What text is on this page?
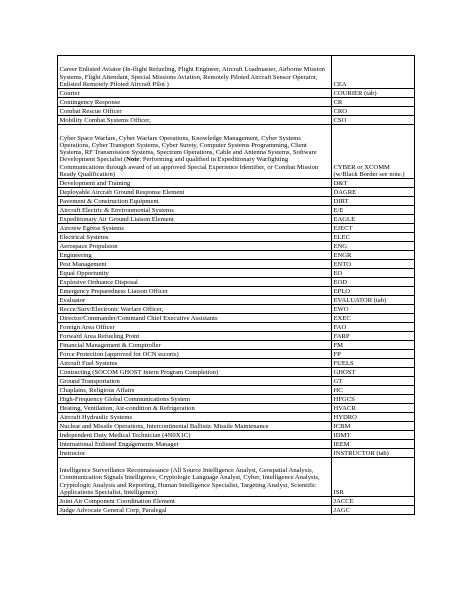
Career Enlisted Aviator (In-flight Refueling, Flight Engineer, Aircraft Loadmaster, Airborne Mission Systems, Flight Attendant, Special Missions Aviation, Remotely Piloted Aircraft Sensor Operator, Enlisted Remotely Piloted Aircraft Pilot )	CEA
Courier	COURIER (tab)
Contingency Response	CR
Combat Rescue Officer	CRO
Mobility Combat Systems Officer,	CSO
Cyber Space Warfare, Cyber Warfare Operations, Knowledge Management, Cyber Systems Operations, Cyber Transport Systems, Cyber Surety, Computer Systems Programming, Client Systems, RF Transmission Systems, Spectrum Operations, Cable and Antenna Systems, Software Development Specialist (Note: Performing and qualified in Expeditionary Warfighting Communications through award of an approved Special Experience Identifier, or Combat Mission Ready Qualification)	CYBER or XCOMM (w/Black Border see note.)
Development and Training	D&T
Deployable Aircraft Ground Response Element	DAGRE
Pavement & Construction Equipment	DIRT
Aircraft Electric & Environmental Systems	E/E
Expeditionary Air Ground Liaison Element	EAGLE
Aircrew Egress Systems	EJECT
Electrical Systems	ELEC
Aerospace Propulsion	ENG
Engineering	ENGR
Pest Management	ENTO
Equal Opportunity	EO
Explosive Ordnance Disposal	EOD
Emergency Preparedness Liaison Officer	EPLO
Evaluator	EVALUATOR (tab)
Recce/Surv/Electronic Warfare Officer,	EWO
Director/Commander/Command Chief Executive Assistants	EXEC
Foreign Area Officer	FAO
Forward Area Refueling Point	FARP
Financial Management & Comptroller	FM
Force Protection (approved for OCN escorts)	FP
Aircraft Fuel Systems	FUELS
Contracting (SOCOM GHOST Intern Program Completion)	GHOST
Ground Transportation	GT
Chaplains, Religious Affairs	HC
High-Frequency Global Communications System	HFGCS
Heating, Ventilation, Air-condition & Refrigeration	HVACR
Aircraft Hydraulic Systems	HYDRO
Nuclear and Missile Operations, Intercontinental Ballistic Missile Maintenance	ICBM
Independent Duty Medical Technician (4N0X1C)	IDMT
International Enlisted Engagements Manager	IEEM
Instructor	INSTRUCTOR (tab)
Intelligence Surveillance Reconnaissance (All Source Intelligence Analyst, Geospatial Analysis, Communication Signals Intelligence, Cryptologic Language Analyst, Cyber, Intelligence Analysis, Cryptologic Analysis and Reporting, Human Intelligence Specialist, Targeting Analyst, Scientific Applications Specialist, Intelligence)	ISR
Joint Air Component Coordination Element	JACCE
Judge Advocate General Corp, Paralegal	JAGC
